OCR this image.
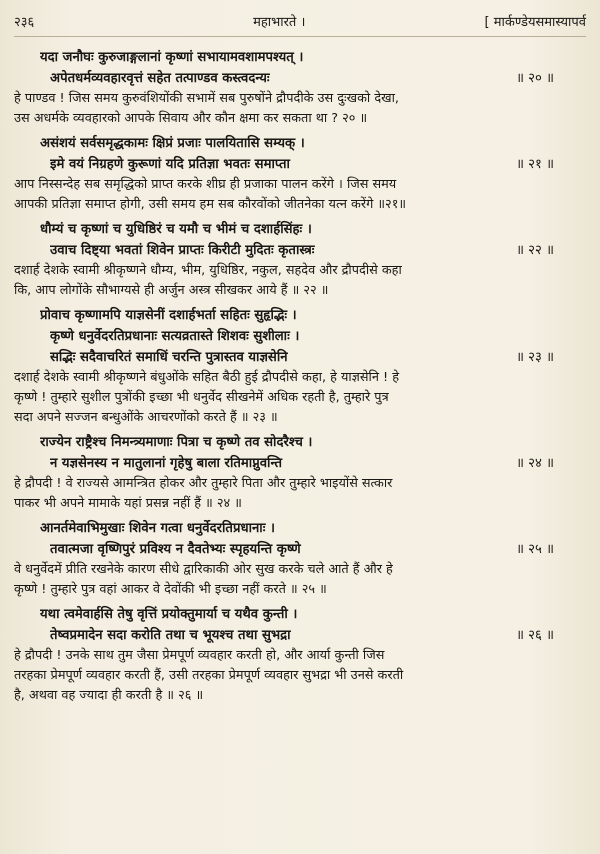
२३६	महाभारते ।	[ मार्कण्डेयसमास्यापर्व
यदा जनौघः कुरुजाङ्गलानां कृष्णां सभायामवशामपश्यत् ।
॥ २० ॥
अपेतधर्मव्यवहारवृत्तं सहेत तत्पाण्डव कस्त्वदन्यः
हे पाण्डव ! जिस समय कुरुवंशियोंकी सभामें सब पुरुषोंने द्रौपदीके उस दुःखको देखा,
उस अधर्मके व्यवहारको आपके सिवाय और कौन क्षमा कर सकता था ? २० ॥
असंशयं सर्वसमृद्धकामः क्षिप्रं प्रजाः पालयितासि सम्यक् ।
॥ २१ ॥
इमे वयं निग्रहणे कुरूणां यदि प्रतिज्ञा भवतः समाप्ता
आप निस्सन्देह सब समृद्धिको प्राप्त करके शीघ्र ही प्रजाका पालन करेंगे । जिस समय
आपकी प्रतिज्ञा समाप्त होगी, उसी समय हम सब कौरवोंको जीतनेका यत्न करेंगे ॥२१॥
धौम्यं च कृष्णां च युधिष्ठिरं च यमौ च भीमं च दशार्हसिंहः ।
॥ २२ ॥
उवाच दिष्ट्या भवतां शिवेन प्राप्तः किरीटी मुदितः कृतास्त्रः
दशार्ह देशके स्वामी श्रीकृष्णने धौम्य, भीम, युधिष्ठिर, नकुल, सहदेव और द्रौपदीसे कहा
कि, आप लोगोंके सौभाग्यसे ही अर्जुन अस्त्र सीखकर आये हैं ॥ २२ ॥
प्रोवाच कृष्णामपि याज्ञसेनीं दशार्हभर्ता सहितः सुहृद्भिः ।
कृष्णे धनुर्वेदरतिप्रधानाः सत्यव्रतास्ते शिशवः सुशीलाः ।
॥ २३ ॥
सद्भिः सदैवाचरितं समाधिं चरन्ति पुत्रास्तव याज्ञसेनि
दशार्ह देशके स्वामी श्रीकृष्णने बंधुओंके सहित बैठी हुई द्रौपदीसे कहा, हे याज्ञसेनि ! हे
कृष्णे ! तुम्हारे सुशील पुत्रोंकी इच्छा भी धनुर्वेद सीखनेमें अधिक रहती है, तुम्हारे पुत्र
सदा अपने सज्जन बन्धुओंके आचरणोंको करते हैं ॥ २३ ॥
राज्येन राष्ट्रैश्च निमन्त्र्यमाणाः पित्रा च कृष्णे तव सोदरैश्च ।
॥ २४ ॥
न यज्ञसेनस्य न मातुलानां गृहेषु बाला रतिमाप्नुवन्ति
हे द्रौपदी ! वे राज्यसे आमन्त्रित होकर और तुम्हारे पिता और तुम्हारे भाइयोंसे सत्कार
पाकर भी अपने मामाके यहां प्रसन्न नहीं हैं ॥ २४ ॥
आनर्तमेवाभिमुखाः शिवेन गत्वा धनुर्वेदरतिप्रधानाः ।
॥ २५ ॥
तवात्मजा वृष्णिपुरं प्रविश्य न दैवतेभ्यः स्पृहयन्ति कृष्णे
वे धनुर्वेदमें प्रीति रखनेके कारण सीधे द्वारिकाकी ओर सुख करके चले आते हैं और हे
कृष्णे ! तुम्हारे पुत्र वहां आकर वे देवोंकी भी इच्छा नहीं करते ॥ २५ ॥
यथा त्वमेवार्हसि तेषु वृत्तिं प्रयोक्तुमार्या च यथैव कुन्ती ।
॥ २६ ॥
तेष्वप्रमादेन सदा करोति तथा च भूयश्च तथा सुभद्रा
हे द्रौपदी ! उनके साथ तुम जैसा प्रेमपूर्ण व्यवहार करती हो, और आर्या कुन्ती जिस
तरहका प्रेमपूर्ण व्यवहार करती हैं, उसी तरहका प्रेमपूर्ण व्यवहार सुभद्रा भी उनसे करती
है, अथवा वह ज्यादा ही करती है ॥ २६ ॥
